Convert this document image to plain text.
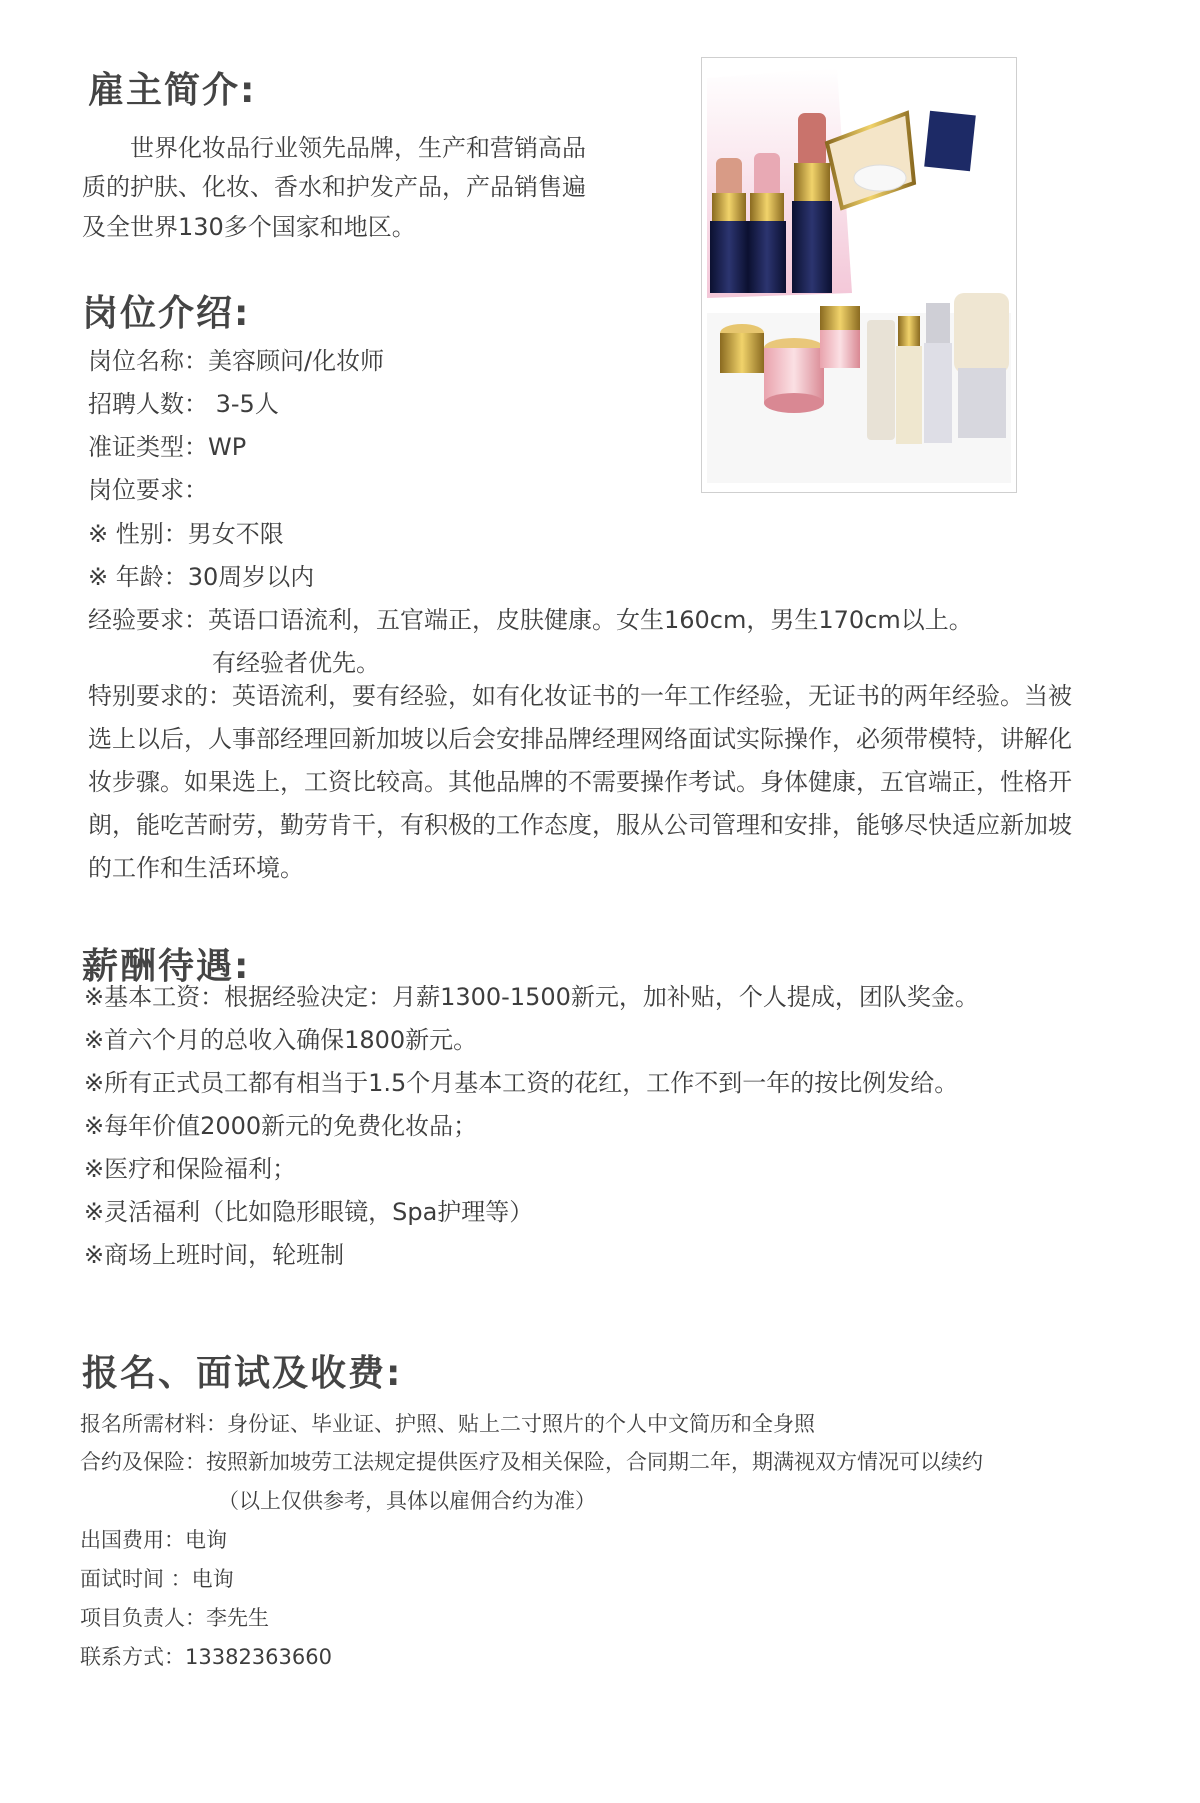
雇主简介:
世界化妆品行业领先品牌，生产和营销高品
质的护肤、化妆、香水和护发产品，产品销售遍
及全世界130多个国家和地区。
岗位介绍:
岗位名称：美容顾问/化妆师
招聘人数： 3-5人
准证类型：WP
岗位要求：
※ 性别：男女不限
※ 年龄：30周岁以内
经验要求：英语口语流利，五官端正，皮肤健康。女生160cm，男生170cm以上。
有经验者优先。
特别要求的：英语流利，要有经验，如有化妆证书的一年工作经验，无证书的两年经验。当被
选上以后，人事部经理回新加坡以后会安排品牌经理网络面试实际操作，必须带模特，讲解化
妆步骤。如果选上，工资比较高。其他品牌的不需要操作考试。身体健康，五官端正，性格开
朗，能吃苦耐劳，勤劳肯干，有积极的工作态度，服从公司管理和安排，能够尽快适应新加坡
的工作和生活环境。
薪酬待遇:
※基本工资：根据经验决定：月薪1300-1500新元，加补贴，个人提成，团队奖金。
※首六个月的总收入确保1800新元。
※所有正式员工都有相当于1.5个月基本工资的花红，工作不到一年的按比例发给。
※每年价值2000新元的免费化妆品；
※医疗和保险福利；
※灵活福利（比如隐形眼镜，Spa护理等）
※商场上班时间，轮班制
报名、面试及收费:
报名所需材料：身份证、毕业证、护照、贴上二寸照片的个人中文简历和全身照
合约及保险：按照新加坡劳工法规定提供医疗及相关保险，合同期二年，期满视双方情况可以续约
（以上仅供参考，具体以雇佣合约为准）
出国费用：电询
面试时间 ：电询
项目负责人：李先生
联系方式：13382363660
